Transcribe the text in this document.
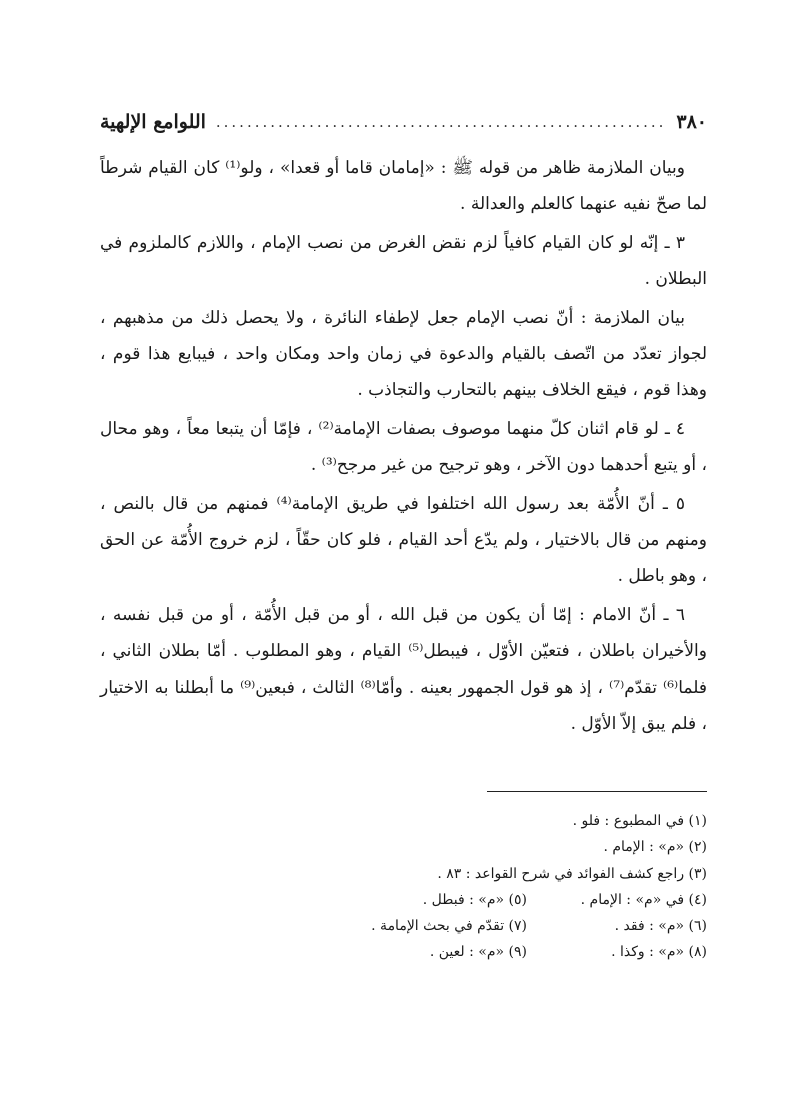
٣٨٠
..........................................................
اللوامع الإلهية

وبيان الملازمة ظاهر من قوله ﷺ : «إمامان قاما أو قعدا» ، ولو⁽¹⁾ كان القيام شرطاً لما صحّ نفيه عنهما كالعلم والعدالة .

٣ ـ إنّه لو كان القيام كافياً لزم نقض الغرض من نصب الإمام ، واللازم كالملزوم في البطلان .

بيان الملازمة : أنّ نصب الإمام جعل لإطفاء النائرة ، ولا يحصل ذلك من مذهبهم ، لجواز تعدّد من اتّصف بالقيام والدعوة في زمان واحد ومكان واحد ، فيبايع هذا قوم ، وهذا قوم ، فيقع الخلاف بينهم بالتحارب والتجاذب .

٤ ـ لو قام اثنان كلّ منهما موصوف بصفات الإمامة⁽²⁾ ، فإمّا أن يتبعا معاً ، وهو محال ، أو يتبع أحدهما دون الآخر ، وهو ترجيح من غير مرجح⁽³⁾ .

٥ ـ أنّ الأُمّة بعد رسول الله اختلفوا في طريق الإمامة⁽⁴⁾ فمنهم من قال بالنص ، ومنهم من قال بالاختيار ، ولم يدّع أحد القيام ، فلو كان حقّاً ، لزم خروج الأُمّة عن الحق ، وهو باطل .

٦ ـ أنّ الامام : إمّا أن يكون من قبل الله ، أو من قبل الأُمّة ، أو من قبل نفسه ، والأخيران باطلان ، فتعيّن الأوّل ، فيبطل⁽⁵⁾ القيام ، وهو المطلوب . أمّا بطلان الثاني ، فلما⁽⁶⁾ تقدّم⁽⁷⁾ ، إذ هو قول الجمهور بعينه . وأمّا⁽⁸⁾ الثالث ، فبعين⁽⁹⁾ ما أبطلنا به الاختيار ، فلم يبق إلاّ الأوّل .

(١) في المطبوع : فلو .
(٢) «م» : الإمام .
(٣) راجع كشف الفوائد في شرح القواعد : ٨٣ .
(٤) في «م» : الإمام .
(٥) «م» : فبطل .
(٦) «م» : فقد .
(٧) تقدّم في بحث الإمامة .
(٨) «م» : وكذا .
(٩) «م» : لعين .
